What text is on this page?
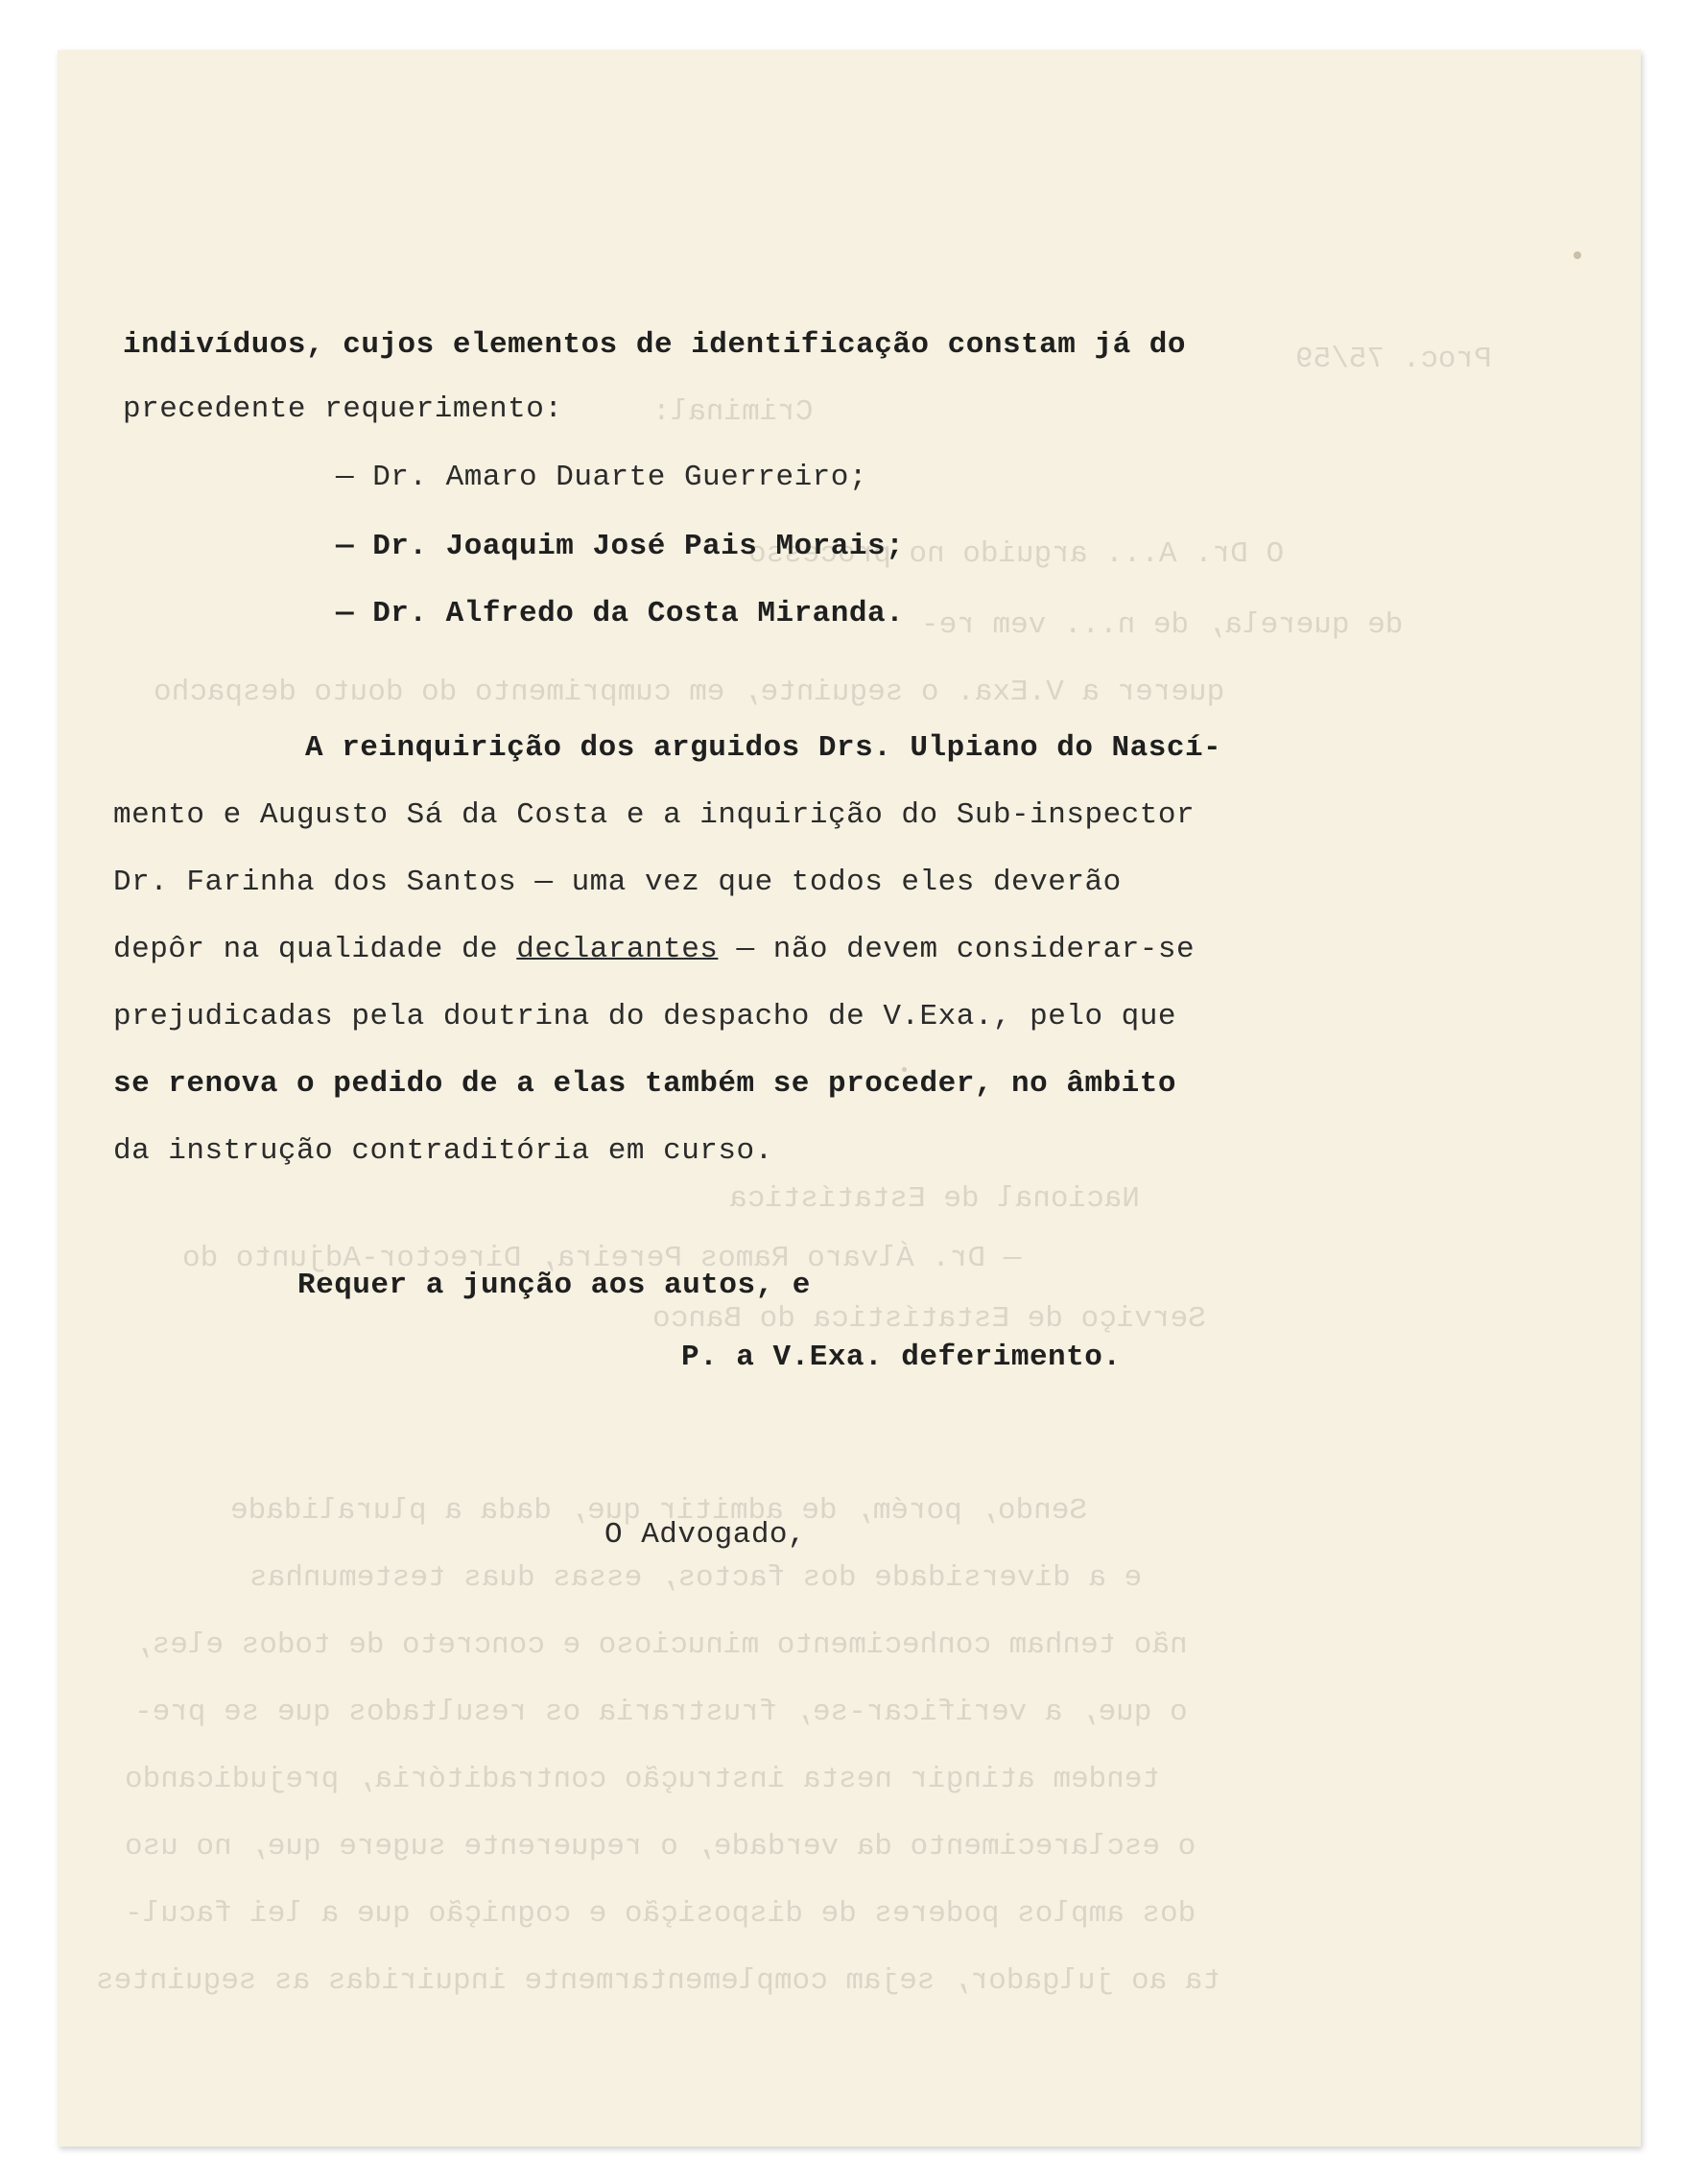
Proc. 75/59
Criminal:
O Dr. A... arguido no processo
de querela, de n... vem re-
querer a V.Exa. o seguinte, em cumprimento do douto despacho
Nacional de Estatística
— Dr. Álvaro Ramos Pereira, Director-Adjunto do
Serviço de Estatística do Banco
Sendo, porém, de admitir que, dada a pluralidade
e a diversidade dos factos, essas duas testemunhas
não tenham conhecimento minucioso e concreto de todos eles,
o que, a verificar-se, frustraria os resultados que se pre-
tendem atingir nesta instrução contraditória, prejudicando
o esclarecimento da verdade, o requerente sugere que, no uso
dos amplos poderes de disposição e cognição que a lei facul-
ta ao julgador, sejam complementarmente inquiridas as seguintes
indivíduos, cujos elementos de identificação constam já do
precedente requerimento:
— Dr. Amaro Duarte Guerreiro;
— Dr. Joaquim José Pais Morais;
— Dr. Alfredo da Costa Miranda.
A reinquirição dos arguidos Drs. Ulpiano do Nascí-
mento e Augusto Sá da Costa e a inquirição do Sub-inspector
Dr. Farinha dos Santos — uma vez que todos eles deverão
depôr na qualidade de declarantes — não devem considerar-se
prejudicadas pela doutrina do despacho de V.Exa., pelo que
se renova o pedido de a elas também se proceder, no âmbito
da instrução contraditória em curso.
Requer a junção aos autos, e
P. a V.Exa. deferimento.
O Advogado,
